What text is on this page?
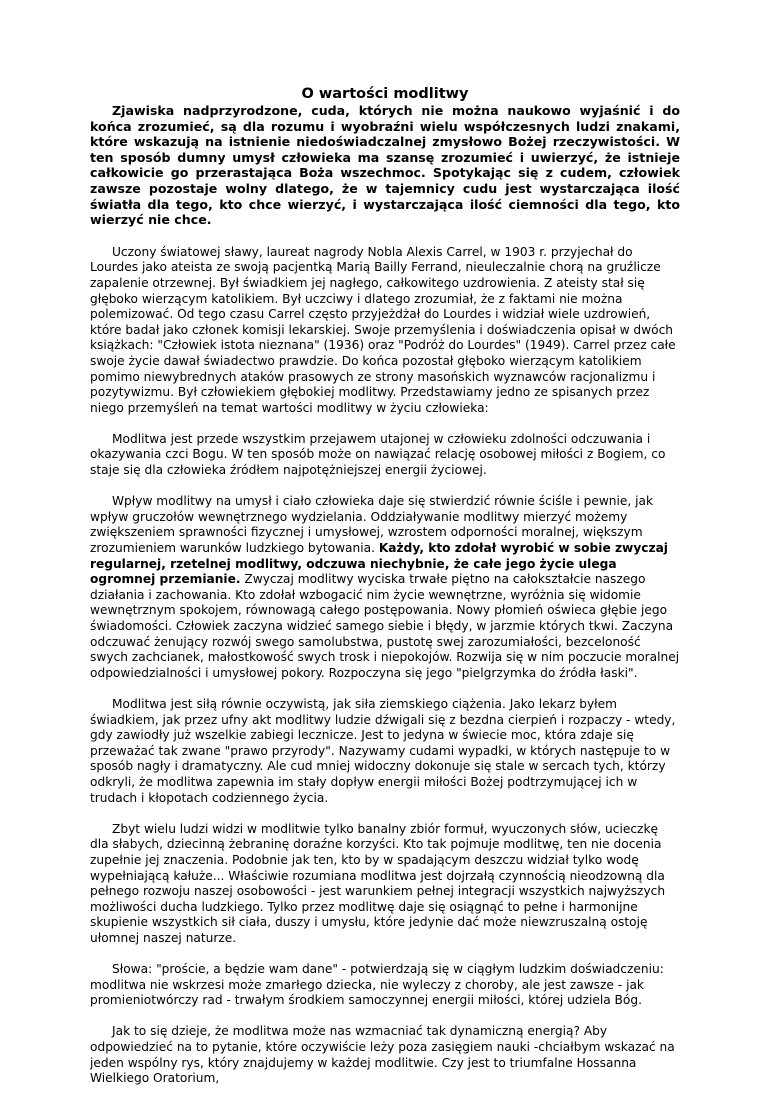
O wartości modlitwy

Zjawiska nadprzyrodzone, cuda, których nie można naukowo wyjaśnić i do końca zrozumieć, są dla rozumu i wyobraźni wielu współczesnych ludzi znakami, które wskazują na istnienie niedoświadczalnej zmysłowo Bożej rzeczywistości. W ten sposób dumny umysł człowieka ma szansę zrozumieć i uwierzyć, że istnieje całkowicie go przerastająca Boża wszechmoc. Spotykając się z cudem, człowiek zawsze pozostaje wolny dlatego, że w tajemnicy cudu jest wystarczająca ilość światła dla tego, kto chce wierzyć, i wystarczająca ilość ciemności dla tego, kto wierzyć nie chce.

Uczony światowej sławy, laureat nagrody Nobla Alexis Carrel, w 1903 r. przyjechał do Lourdes jako ateista ze swoją pacjentką Marią Bailly Ferrand, nieuleczalnie chorą na gruźlicze zapalenie otrzewnej. Był świadkiem jej nagłego, całkowitego uzdrowienia. Z ateisty stał się głęboko wierzącym katolikiem. Był uczciwy i dlatego zrozumiał, że z faktami nie można polemizować. Od tego czasu Carrel często przyjeżdżał do Lourdes i widział wiele uzdrowień, które badał jako członek komisji lekarskiej. Swoje przemyślenia i doświadczenia opisał w dwóch książkach: "Człowiek istota nieznana" (1936) oraz "Podróż do Lourdes" (1949). Carrel przez całe swoje życie dawał świadectwo prawdzie. Do końca pozostał głęboko wierzącym katolikiem pomimo niewybrednych ataków prasowych ze strony masońskich wyznawców racjonalizmu i pozytywizmu. Był człowiekiem głębokiej modlitwy. Przedstawiamy jedno ze spisanych przez niego przemyśleń na temat wartości modlitwy w życiu człowieka:

Modlitwa jest przede wszystkim przejawem utajonej w człowieku zdolności odczuwania i okazywania czci Bogu. W ten sposób może on nawiązać relację osobowej miłości z Bogiem, co staje się dla człowieka źródłem najpotężniejszej energii życiowej.

Wpływ modlitwy na umysł i ciało człowieka daje się stwierdzić równie ściśle i pewnie, jak wpływ gruczołów wewnętrznego wydzielania. Oddziaływanie modlitwy mierzyć możemy zwiększeniem sprawności fizycznej i umysłowej, wzrostem odporności moralnej, większym zrozumieniem warunków ludzkiego bytowania. Każdy, kto zdołał wyrobić w sobie zwyczaj regularnej, rzetelnej modlitwy, odczuwa niechybnie, że całe jego życie ulega ogromnej przemianie. Zwyczaj modlitwy wyciska trwałe piętno na całokształcie naszego działania i zachowania. Kto zdołał wzbogacić nim życie wewnętrzne, wyróżnia się widomie wewnętrznym spokojem, równowagą całego postępowania. Nowy płomień oświeca głębie jego świadomości. Człowiek zaczyna widzieć samego siebie i błędy, w jarzmie których tkwi. Zaczyna odczuwać żenujący rozwój swego samolubstwa, pustotę swej zarozumiałości, bezceloność swych zachcianek, małostkowość swych trosk i niepokojów. Rozwija się w nim poczucie moralnej odpowiedzialności i umysłowej pokory. Rozpoczyna się jego "pielgrzymka do źródła łaski".

Modlitwa jest siłą równie oczywistą, jak siła ziemskiego ciążenia. Jako lekarz byłem świadkiem, jak przez ufny akt modlitwy ludzie dźwigali się z bezdna cierpień i rozpaczy - wtedy, gdy zawiodły już wszelkie zabiegi lecznicze. Jest to jedyna w świecie moc, która zdaje się przeważać tak zwane "prawo przyrody". Nazywamy cudami wypadki, w których następuje to w sposób nagły i dramatyczny. Ale cud mniej widoczny dokonuje się stale w sercach tych, którzy odkryli, że modlitwa zapewnia im stały dopływ energii miłości Bożej podtrzymującej ich w trudach i kłopotach codziennego życia.

Zbyt wielu ludzi widzi w modlitwie tylko banalny zbiór formuł, wyuczonych słów, ucieczkę dla słabych, dziecinną żebraninę doraźne korzyści. Kto tak pojmuje modlitwę, ten nie docenia zupełnie jej znaczenia. Podobnie jak ten, kto by w spadającym deszczu widział tylko wodę wypełniającą kałuże... Właściwie rozumiana modlitwa jest dojrzałą czynnością nieodzowną dla pełnego rozwoju naszej osobowości - jest warunkiem pełnej integracji wszystkich najwyższych możliwości ducha ludzkiego. Tylko przez modlitwę daje się osiągnąć to pełne i harmonijne skupienie wszystkich sił ciała, duszy i umysłu, które jedynie dać może niewzruszalną ostoję ułomnej naszej naturze.

Słowa: "proście, a będzie wam dane" - potwierdzają się w ciągłym ludzkim doświadczeniu: modlitwa nie wskrzesi może zmarłego dziecka, nie wyleczy z choroby, ale jest zawsze - jak promieniotwórczy rad - trwałym środkiem samoczynnej energii miłości, której udziela Bóg.

Jak to się dzieje, że modlitwa może nas wzmacniać tak dynamiczną energią? Aby odpowiedzieć na to pytanie, które oczywiście leży poza zasięgiem nauki -chciałbym wskazać na jeden wspólny rys, który znajdujemy w każdej modlitwie. Czy jest to triumfalne Hossanna Wielkiego Oratorium,
